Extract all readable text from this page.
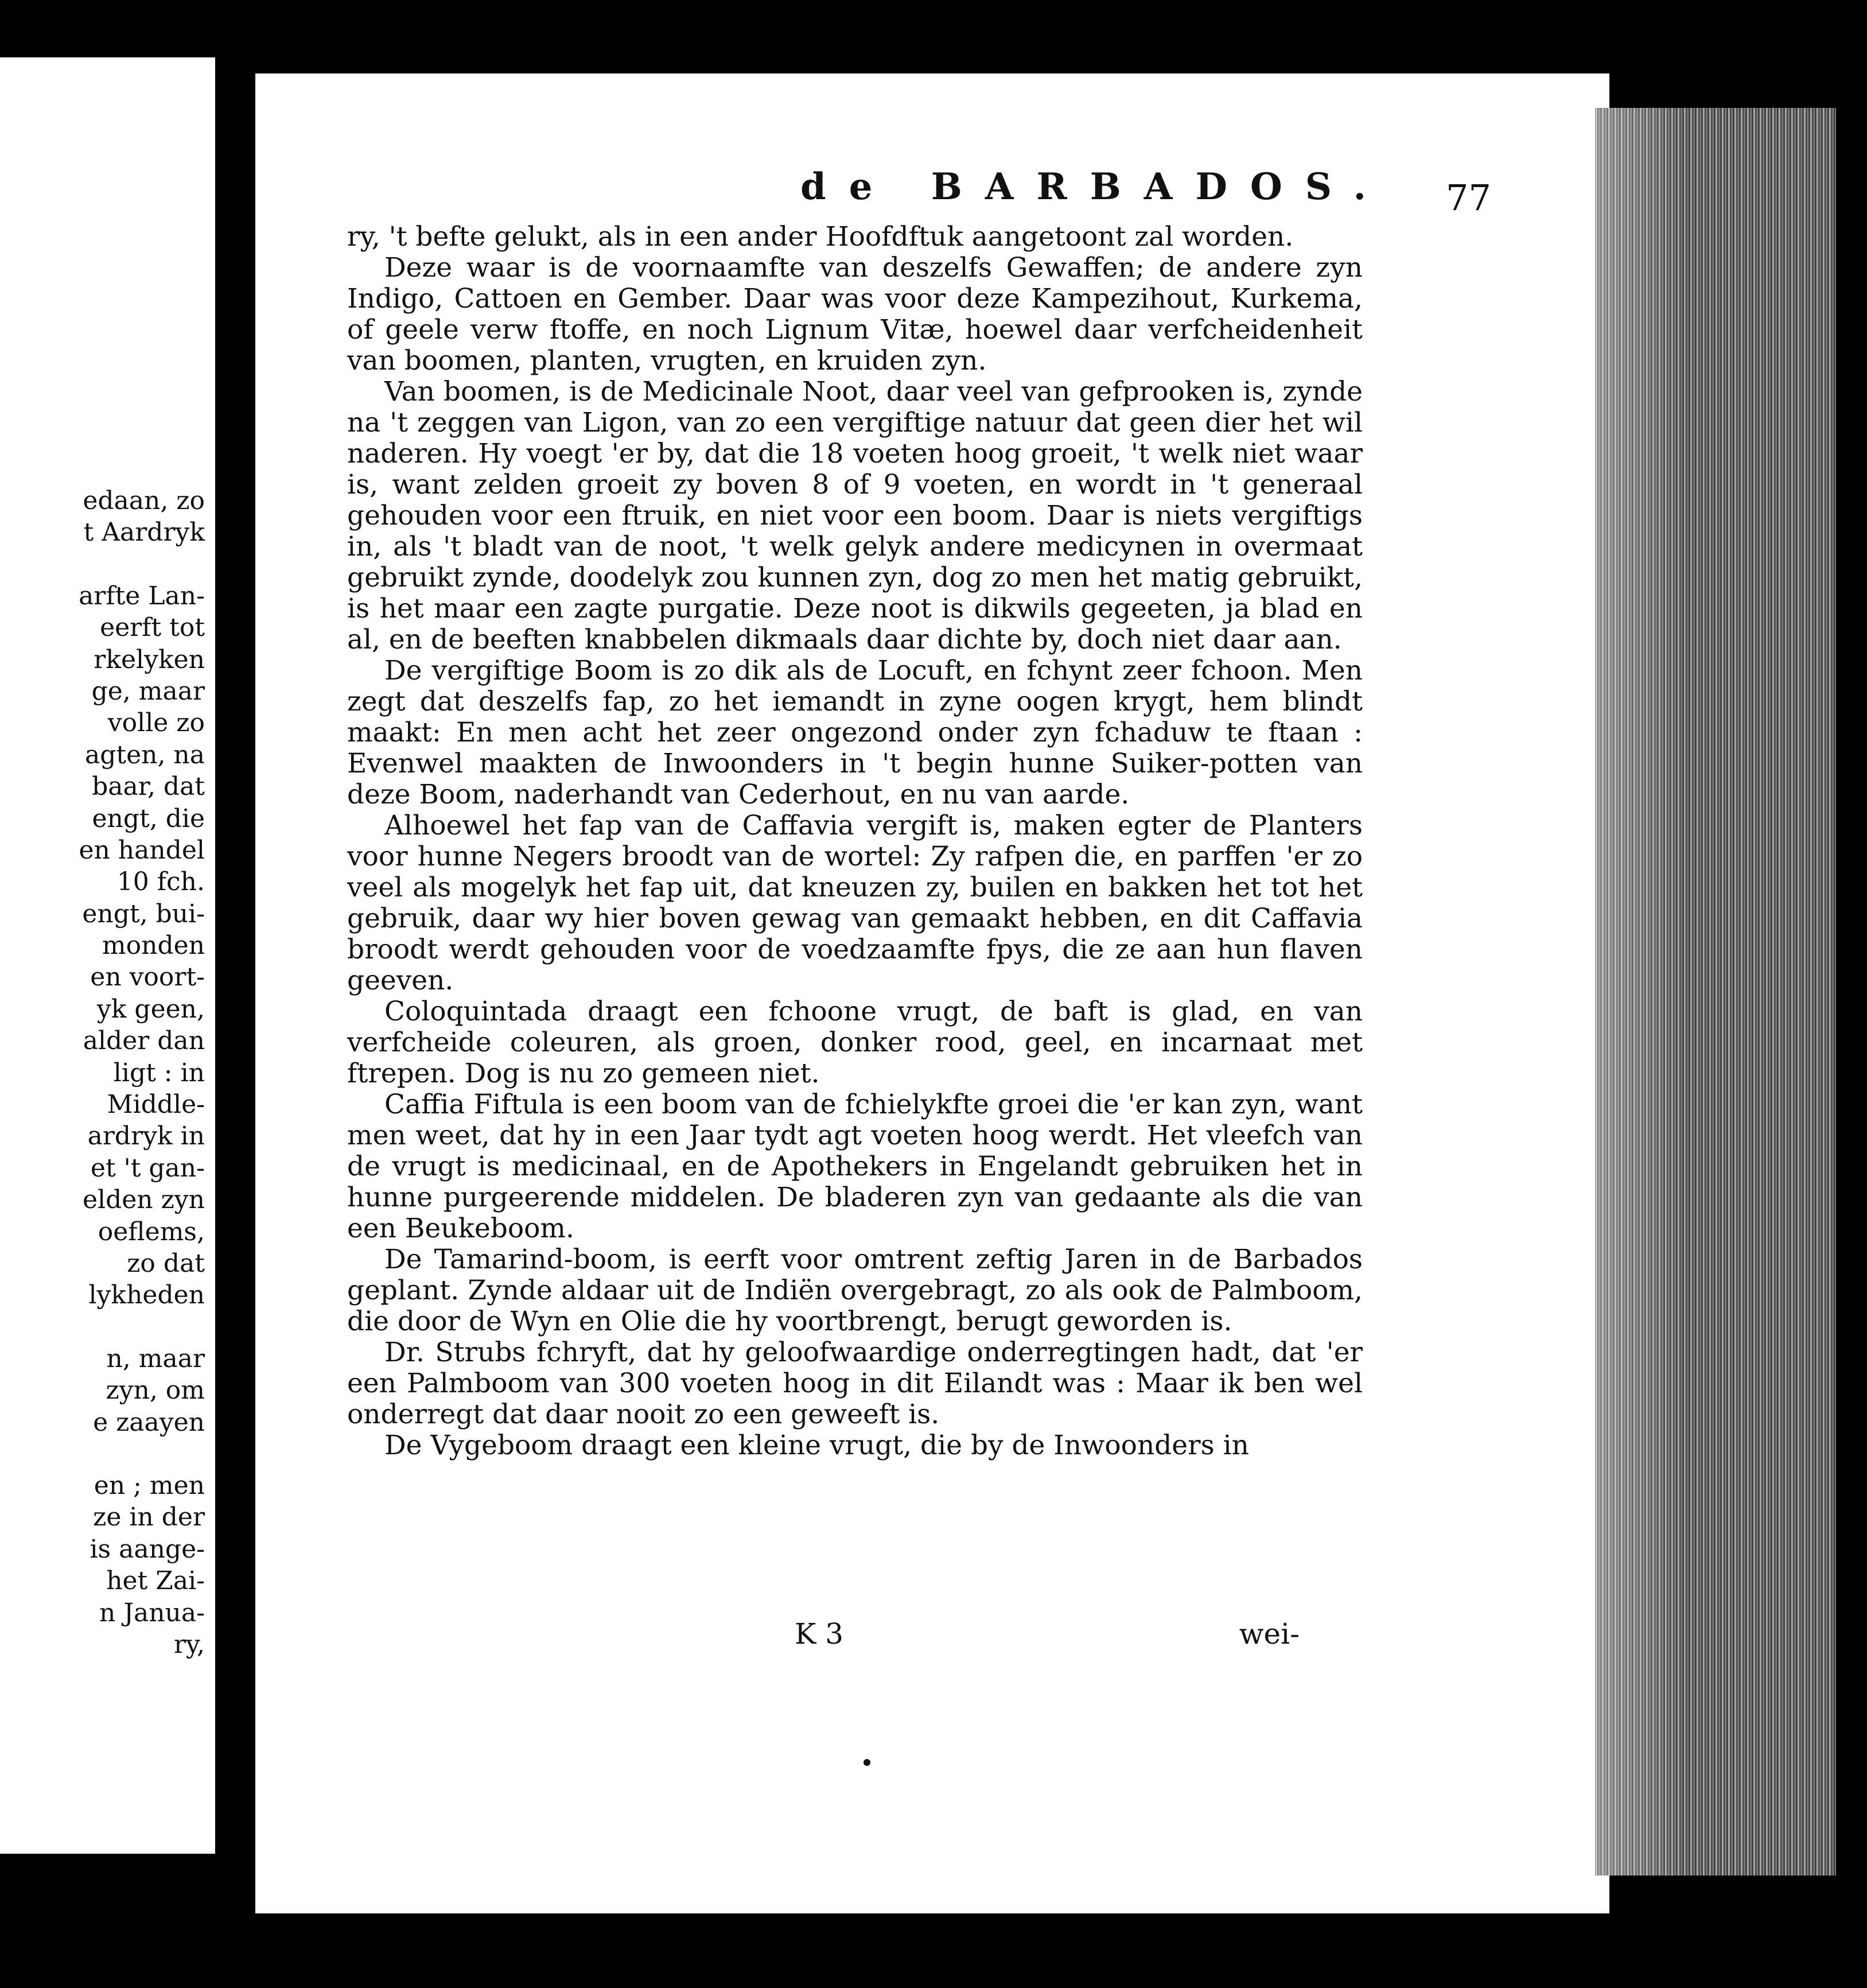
edaan, zo
t Aardryk
arfte Lan-
eerft tot
rkelyken
ge, maar
volle zo
agten, na
baar, dat
engt, die
en handel
10 fch.
engt, bui-
monden
en voort-
yk geen,
alder dan
ligt : in
Middle-
ardryk in
et 't gan-
elden zyn
oeflems,
zo dat
lykheden
n, maar
zyn, om
e zaayen
en ; men
ze in der
is aange-
het Zai-
n Janua-
ry,
de BARBADOS. 77

ry, 't befte gelukt, als in een ander Hoofdftuk aangetoont zal worden.

Deze waar is de voornaamfte van deszelfs Gewaffen; de andere zyn Indigo, Cattoen en Gember. Daar was voor deze Kampezihout, Kurkema, of geele verw ftoffe, en noch Lignum Vitæ, hoewel daar verfcheidenheit van boomen, planten, vrugten, en kruiden zyn.

Van boomen, is de Medicinale Noot, daar veel van gefprooken is, zynde na 't zeggen van Ligon, van zo een vergiftige natuur dat geen dier het wil naderen. Hy voegt 'er by, dat die 18 voeten hoog groeit, 't welk niet waar is, want zelden groeit zy boven 8 of 9 voeten, en wordt in 't generaal gehouden voor een ftruik, en niet voor een boom. Daar is niets vergiftigs in, als 't bladt van de noot, 't welk gelyk andere medicynen in overmaat gebruikt zynde, doodelyk zou kunnen zyn, dog zo men het matig gebruikt, is het maar een zagte purgatie. Deze noot is dikwils gegeeten, ja blad en al, en de beeften knabbelen dikmaals daar dichte by, doch niet daar aan.

De vergiftige Boom is zo dik als de Locuft, en fchynt zeer fchoon. Men zegt dat deszelfs fap, zo het iemandt in zyne oogen krygt, hem blindt maakt: En men acht het zeer ongezond onder zyn fchaduw te ftaan : Evenwel maakten de Inwoonders in 't begin hunne Suiker-potten van deze Boom, naderhandt van Cederhout, en nu van aarde.

Alhoewel het fap van de Caffavia vergift is, maken egter de Planters voor hunne Negers broodt van de wortel: Zy rafpen die, en parffen 'er zo veel als mogelyk het fap uit, dat kneuzen zy, builen en bakken het tot het gebruik, daar wy hier boven gewag van gemaakt hebben, en dit Caffavia broodt werdt gehouden voor de voedzaamfte fpys, die ze aan hun flaven geeven.

Coloquintada draagt een fchoone vrugt, de baft is glad, en van verfcheide coleuren, als groen, donker rood, geel, en incarnaat met ftrepen. Dog is nu zo gemeen niet.

Caffia Fiftula is een boom van de fchielykfte groei die 'er kan zyn, want men weet, dat hy in een Jaar tydt agt voeten hoog werdt. Het vleefch van de vrugt is medicinaal, en de Apothekers in Engelandt gebruiken het in hunne purgeerende middelen. De bladeren zyn van gedaante als die van een Beukeboom.

De Tamarind-boom, is eerft voor omtrent zeftig Jaren in de Barbados geplant. Zynde aldaar uit de Indiën overgebragt, zo als ook de Palmboom, die door de Wyn en Olie die hy voortbrengt, berugt geworden is.

Dr. Strubs fchryft, dat hy geloofwaardige onderregtingen hadt, dat 'er een Palmboom van 300 voeten hoog in dit Eilandt was : Maar ik ben wel onderregt dat daar nooit zo een geweeft is.

De Vygeboom draagt een kleine vrugt, die by de Inwoonders in

K 3	wei-
